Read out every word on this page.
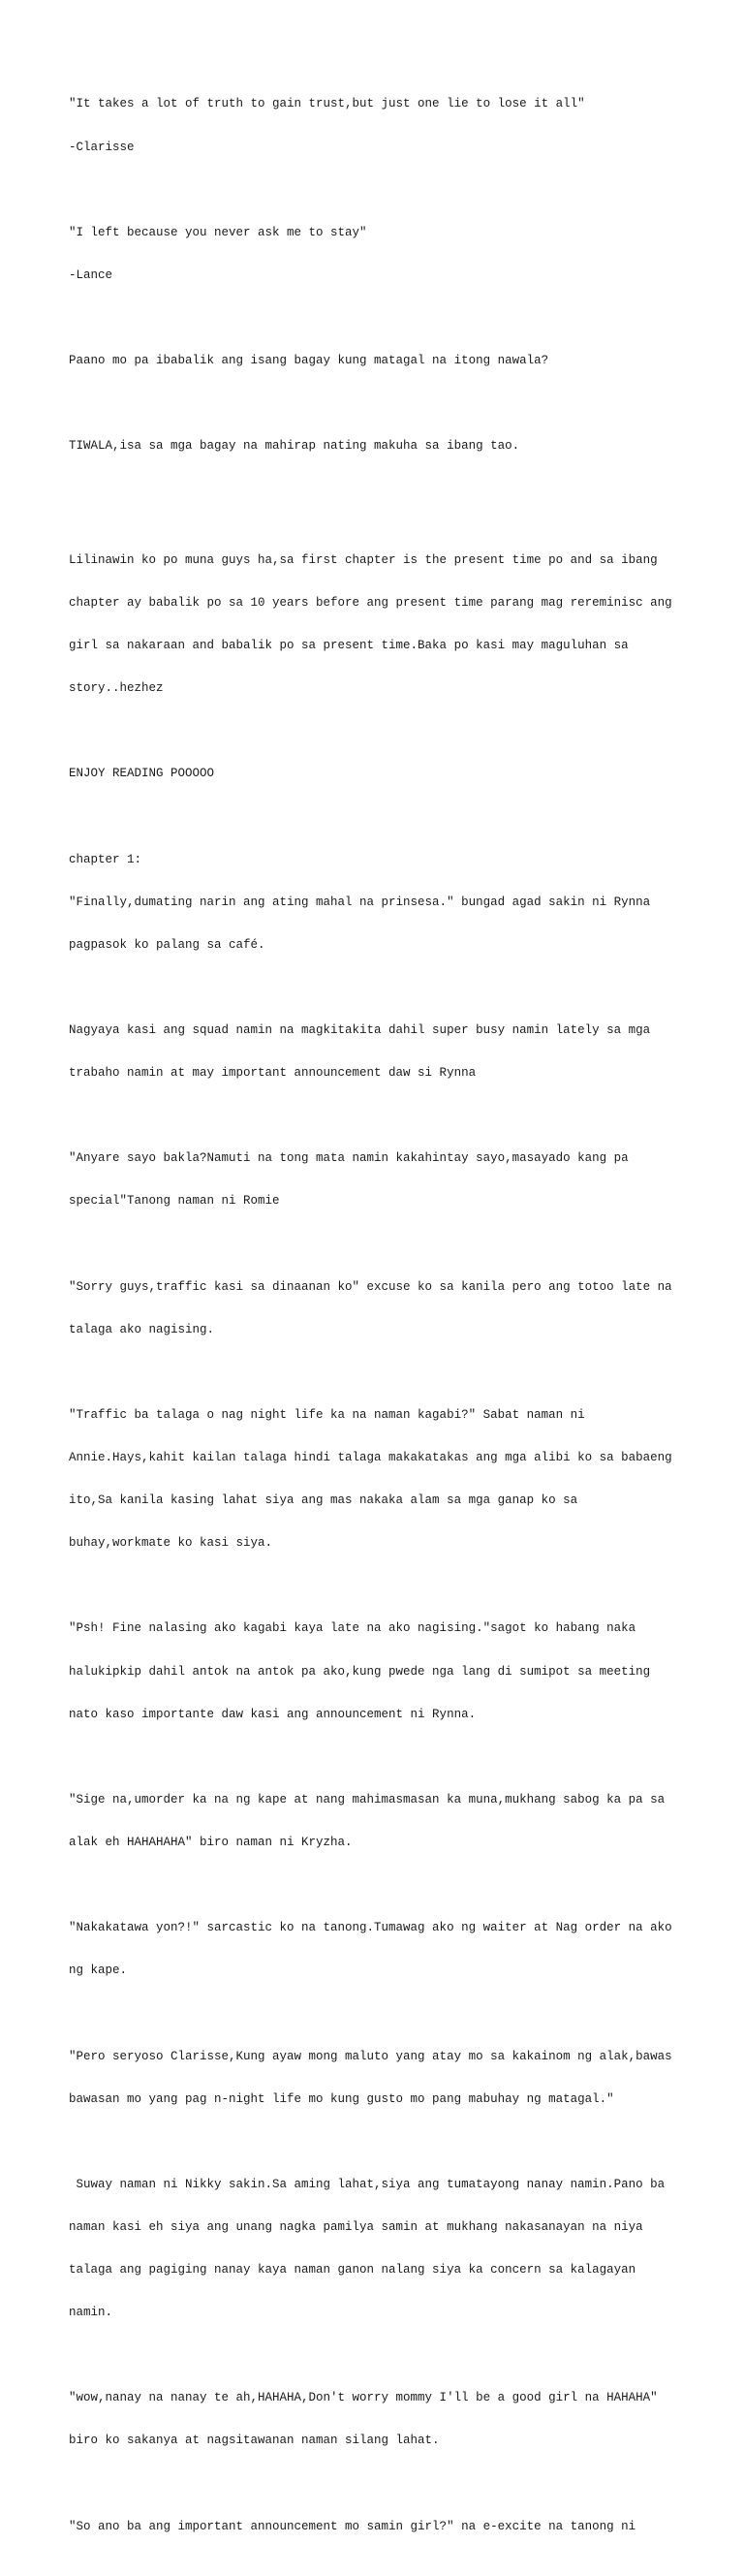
"It takes a lot of truth to gain trust,but just one lie to lose it all"

-Clarisse

"I left because you never ask me to stay"

-Lance

Paano mo pa ibabalik ang isang bagay kung matagal na itong nawala?

TIWALA,isa sa mga bagay na mahirap nating makuha sa ibang tao.

Lilinawin ko po muna guys ha,sa first chapter is the present time po and sa ibang

chapter ay babalik po sa 10 years before ang present time parang mag rereminisc ang

girl sa nakaraan and babalik po sa present time.Baka po kasi may maguluhan sa

story..hezhez

ENJOY READING POOOOO

chapter 1:

"Finally,dumating narin ang ating mahal na prinsesa." bungad agad sakin ni Rynna

pagpasok ko palang sa café.

Nagyaya kasi ang squad namin na magkitakita dahil super busy namin lately sa mga

trabaho namin at may important announcement daw si Rynna

"Anyare sayo bakla?Namuti na tong mata namin kakahintay sayo,masayado kang pa

special"Tanong naman ni Romie

"Sorry guys,traffic kasi sa dinaanan ko" excuse ko sa kanila pero ang totoo late na

talaga ako nagising.

"Traffic ba talaga o nag night life ka na naman kagabi?" Sabat naman ni

Annie.Hays,kahit kailan talaga hindi talaga makakatakas ang mga alibi ko sa babaeng

ito,Sa kanila kasing lahat siya ang mas nakaka alam sa mga ganap ko sa

buhay,workmate ko kasi siya.

"Psh! Fine nalasing ako kagabi kaya late na ako nagising."sagot ko habang naka

halukipkip dahil antok na antok pa ako,kung pwede nga lang di sumipot sa meeting

nato kaso importante daw kasi ang announcement ni Rynna.

"Sige na,umorder ka na ng kape at nang mahimasmasan ka muna,mukhang sabog ka pa sa

alak eh HAHAHAHA" biro naman ni Kryzha.

"Nakakatawa yon?!" sarcastic ko na tanong.Tumawag ako ng waiter at Nag order na ako

ng kape.

"Pero seryoso Clarisse,Kung ayaw mong maluto yang atay mo sa kakainom ng alak,bawas

bawasan mo yang pag n-night life mo kung gusto mo pang mabuhay ng matagal."

Suway naman ni Nikky sakin.Sa aming lahat,siya ang tumatayong nanay namin.Pano ba

naman kasi eh siya ang unang nagka pamilya samin at mukhang nakasanayan na niya

talaga ang pagiging nanay kaya naman ganon nalang siya ka concern sa kalagayan

namin.

"wow,nanay na nanay te ah,HAHAHA,Don't worry mommy I'll be a good girl na HAHAHA"

biro ko sakanya at nagsitawanan naman silang lahat.

"So ano ba ang important announcement mo samin girl?" na e-excite na tanong ni
